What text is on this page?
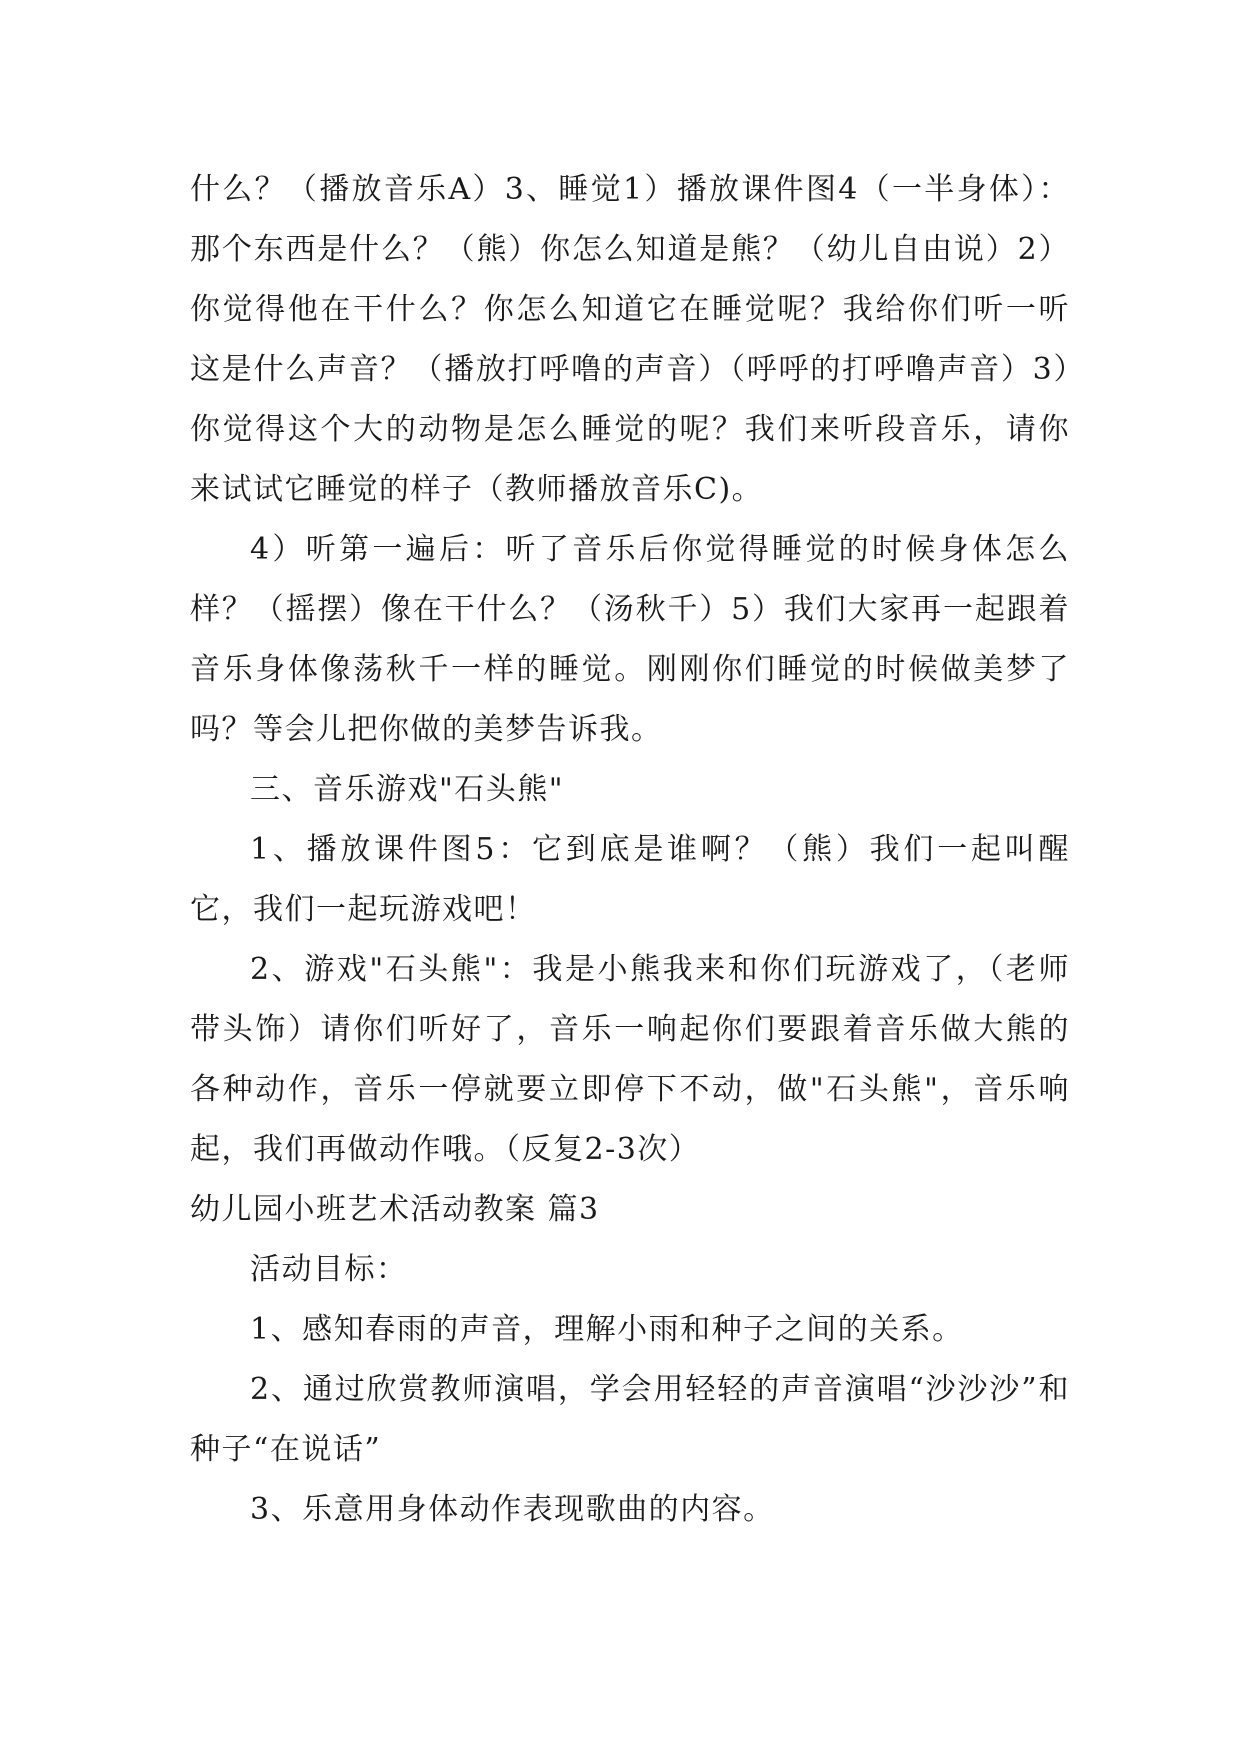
什么？（播放音乐A）3、睡觉1）播放课件图4（一半身体）：那个东西是什么？（熊）你怎么知道是熊？（幼儿自由说）2）你觉得他在干什么？你怎么知道它在睡觉呢？我给你们听一听这是什么声音？（播放打呼噜的声音）（呼呼的打呼噜声音）3）你觉得这个大的动物是怎么睡觉的呢？我们来听段音乐，请你来试试它睡觉的样子（教师播放音乐C)。

4）听第一遍后：听了音乐后你觉得睡觉的时候身体怎么样？（摇摆）像在干什么？（汤秋千）5）我们大家再一起跟着音乐身体像荡秋千一样的睡觉。刚刚你们睡觉的时候做美梦了吗？等会儿把你做的美梦告诉我。

三、音乐游戏"石头熊"

1、播放课件图5：它到底是谁啊？（熊）我们一起叫醒它，我们一起玩游戏吧！

2、游戏"石头熊"：我是小熊我来和你们玩游戏了，（老师带头饰）请你们听好了，音乐一响起你们要跟着音乐做大熊的各种动作，音乐一停就要立即停下不动，做"石头熊"，音乐响起，我们再做动作哦。（反复2-3次）

幼儿园小班艺术活动教案 篇3

活动目标：

1、感知春雨的声音，理解小雨和种子之间的关系。

2、通过欣赏教师演唱，学会用轻轻的声音演唱“沙沙沙”和种子“在说话”

3、乐意用身体动作表现歌曲的内容。
